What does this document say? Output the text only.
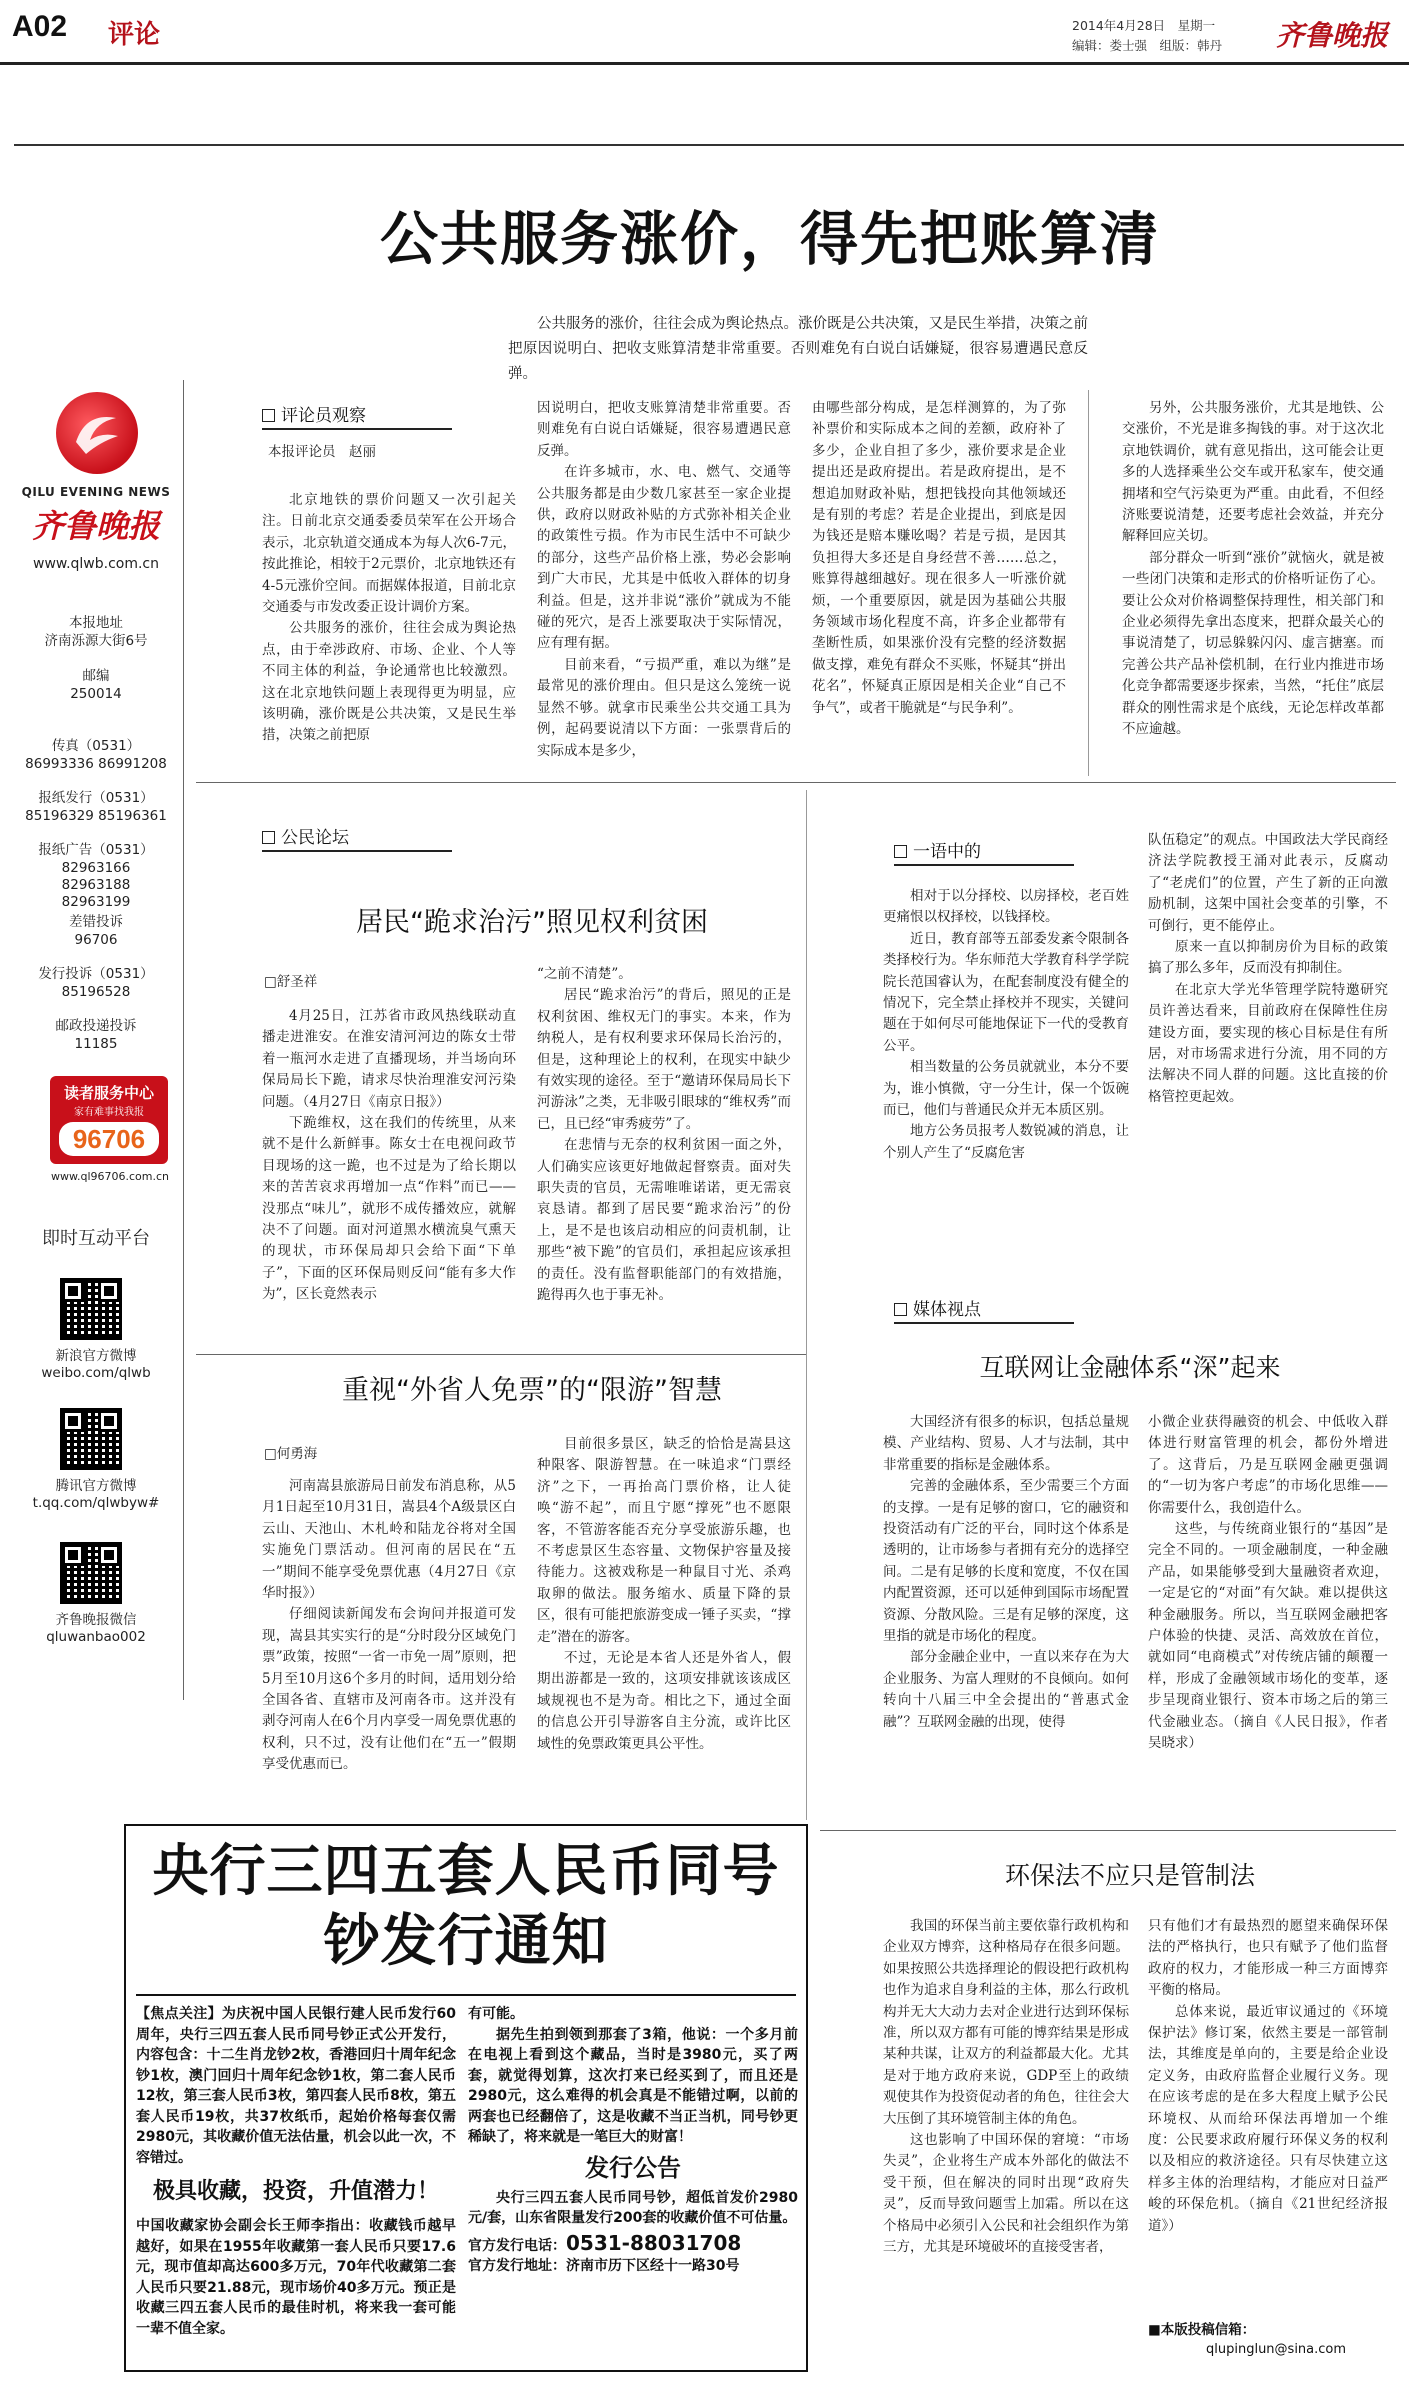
A02 评论	2014年4月28日　星期一
编辑：娄士强　组版：韩丹 齐鲁晚报
公共服务涨价，得先把账算清
公共服务的涨价，往往会成为舆论热点。涨价既是公共决策，又是民生举措，决策之前把原因说明白、把收支账算清楚非常重要。否则难免有白说白话嫌疑，很容易遭遇民意反弹。
QILU EVENING NEWS
齐鲁晚报
www.qlwb.com.cn
本报地址
济南泺源大街6号
邮编
250014
传真（0531）
86993336 86991208
报纸发行（0531）
85196329 85196361
报纸广告（0531）
82963166 82963188 82963199
差错投诉
96706
发行投诉（0531）
85196528
邮政投递投诉
11185
读者服务中心
家有难事找我报
96706
www.ql96706.com.cn
即时互动平台
新浪官方微博
weibo.com/qlwb
腾讯官方微博
t.qq.com/qlwbyw#
齐鲁晚报微信
qluwanbao002
评论员观察
本报评论员　赵丽

北京地铁的票价问题又一次引起关注。日前北京交通委委员荣军在公开场合表示，北京轨道交通成本为每人次6-7元，按此推论，相较于2元票价，北京地铁还有4-5元涨价空间。而据媒体报道，目前北京交通委与市发改委正设计调价方案。

公共服务的涨价，往往会成为舆论热点，由于牵涉政府、市场、企业、个人等不同主体的利益，争论通常也比较激烈。这在北京地铁问题上表现得更为明显，应该明确，涨价既是公共决策，又是民生举措，决策之前把原

因说明白，把收支账算清楚非常重要。否则难免有白说白话嫌疑，很容易遭遇民意反弹。

在许多城市，水、电、燃气、交通等公共服务都是由少数几家甚至一家企业提供，政府以财政补贴的方式弥补相关企业的政策性亏损。作为市民生活中不可缺少的部分，这些产品价格上涨，势必会影响到广大市民，尤其是中低收入群体的切身利益。但是，这并非说“涨价”就成为不能碰的死穴，是否上涨要取决于实际情况，应有理有据。

目前来看，“亏损严重，难以为继”是最常见的涨价理由。但只是这么笼统一说显然不够。就拿市民乘坐公共交通工具为例，起码要说清以下方面：一张票背后的实际成本是多少，

由哪些部分构成，是怎样测算的，为了弥补票价和实际成本之间的差额，政府补了多少，企业自担了多少，涨价要求是企业提出还是政府提出。若是政府提出，是不想追加财政补贴，想把钱投向其他领域还是有别的考虑？若是企业提出，到底是因为钱还是赔本赚吆喝？若是亏损，是因其负担得大多还是自身经营不善……总之，账算得越细越好。现在很多人一听涨价就烦，一个重要原因，就是因为基础公共服务领域市场化程度不高，许多企业都带有垄断性质，如果涨价没有完整的经济数据做支撑，难免有群众不买账，怀疑其“拼出花名”，怀疑真正原因是相关企业“自己不争气”，或者干脆就是“与民争利”。

另外，公共服务涨价，尤其是地铁、公交涨价，不光是谁多掏钱的事。对于这次北京地铁调价，就有意见指出，这可能会让更多的人选择乘坐公交车或开私家车，使交通拥堵和空气污染更为严重。由此看，不但经济账要说清楚，还要考虑社会效益，并充分解释回应关切。

部分群众一听到“涨价”就恼火，就是被一些闭门决策和走形式的价格听证伤了心。要让公众对价格调整保持理性，相关部门和企业必须得先拿出态度来，把群众最关心的事说清楚了，切忌躲躲闪闪、虚言搪塞。而完善公共产品补偿机制，在行业内推进市场化竞争都需要逐步探索，当然，“托住”底层群众的刚性需求是个底线，无论怎样改革都不应逾越。

公民论坛
居民“跪求治污”照见权利贫困
□舒圣祥

4月25日，江苏省市政风热线联动直播走进淮安。在淮安清河河边的陈女士带着一瓶河水走进了直播现场，并当场向环保局局长下跪，请求尽快治理淮安河污染问题。（4月27日《南京日报》）

下跪维权，这在我们的传统里，从来就不是什么新鲜事。陈女士在电视问政节目现场的这一跪，也不过是为了给长期以来的苦苦哀求再增加一点“作料”而已——没那点“味儿”，就形不成传播效应，就解决不了问题。面对河道黑水横流臭气熏天的现状，市环保局却只会给下面“下单子”，下面的区环保局则反问“能有多大作为”，区长竟然表示

“之前不清楚”。

居民“跪求治污”的背后，照见的正是权利贫困、维权无门的事实。本来，作为纳税人，是有权利要求环保局长治污的，但是，这种理论上的权利，在现实中缺少有效实现的途径。至于“邀请环保局局长下河游泳”之类，无非吸引眼球的“维权秀”而已，且已经“审秀疲劳”了。

在悲情与无奈的权利贫困一面之外，人们确实应该更好地做起督察责。面对失职失责的官员，无需唯唯诺诺，更无需哀哀恳请。都到了居民要“跪求治污”的份上，是不是也该启动相应的问责机制，让那些“被下跪”的官员们，承担起应该承担的责任。没有监督职能部门的有效措施，跪得再久也于事无补。

一语中的

相对于以分择校、以房择校，老百姓更痛恨以权择校，以钱择校。

近日，教育部等五部委发紊令限制各类择校行为。华东师范大学教育科学学院院长范国睿认为，在配套制度没有健全的情况下，完全禁止择校并不现实，关键问题在于如何尽可能地保证下一代的受教育公平。

相当数量的公务员就就业，本分不要为，谁小慎微，守一分生计，保一个饭碗而已，他们与普通民众并无本质区别。

地方公务员报考人数锐减的消息，让个别人产生了“反腐危害

队伍稳定”的观点。中国政法大学民商经济法学院教授王涌对此表示，反腐动了“老虎们”的位置，产生了新的正向激励机制，这架中国社会变革的引擎，不可倒行，更不能停止。

原来一直以抑制房价为目标的政策搞了那么多年，反而没有抑制住。

在北京大学光华管理学院特邀研究员许善达看来，目前政府在保障性住房建设方面，要实现的核心目标是住有所居，对市场需求进行分流，用不同的方法解决不同人群的问题。这比直接的价格管控更起效。

重视“外省人免票”的“限游”智慧
□何勇海

河南嵩县旅游局日前发布消息称，从5月1日起至10月31日，嵩县4个A级景区白云山、天池山、木札岭和陆龙谷将对全国实施免门票活动。但河南的居民在“五一”期间不能享受免票优惠（4月27日《京华时报》）

仔细阅读新闻发布会询问并报道可发现，嵩县其实实行的是“分时段分区域免门票”政策，按照“一省一市免一周”原则，把5月至10月这6个多月的时间，适用划分给全国各省、直辖市及河南各市。这并没有剥夺河南人在6个月内享受一周免票优惠的权利，只不过，没有让他们在“五一”假期享受优惠而已。

目前很多景区，缺乏的恰恰是嵩县这种限客、限游智慧。在一味追求“门票经济”之下，一再抬高门票价格，让人徒唤“游不起”，而且宁愿“撑死”也不愿限客，不管游客能否充分享受旅游乐趣，也不考虑景区生态容量、文物保护容量及接待能力。这被戏称是一种鼠目寸光、杀鸡取卵的做法。服务缩水、质量下降的景区，很有可能把旅游变成一锤子买卖，“撑走”潜在的游客。

不过，无论是本省人还是外省人，假期出游都是一致的，这项安排就该该成区域规视也不是为奇。相比之下，通过全面的信息公开引导游客自主分流，或许比区域性的免票政策更具公平性。

媒体视点
互联网让金融体系“深”起来

大国经济有很多的标识，包括总量规模、产业结构、贸易、人才与法制，其中非常重要的指标是金融体系。

完善的金融体系，至少需要三个方面的支撑。一是有足够的窗口，它的融资和投资活动有广泛的平台，同时这个体系是透明的，让市场参与者拥有充分的选择空间。二是有足够的长度和宽度，不仅在国内配置资源，还可以延伸到国际市场配置资源、分散风险。三是有足够的深度，这里指的就是市场化的程度。

部分金融企业中，一直以来存在为大企业服务、为富人理财的不良倾向。如何转向十八届三中全会提出的“普惠式金融”？互联网金融的出现，使得

小微企业获得融资的机会、中低收入群体进行财富管理的机会，都份外增进了。这背后，乃是互联网金融更强调的“一切为客户考虑”的市场化思维——你需要什么，我创造什么。

这些，与传统商业银行的“基因”是完全不同的。一项金融制度，一种金融产品，如果能够受到大量融资者欢迎，一定是它的“对面”有欠缺。难以提供这种金融服务。所以，当互联网金融把客户体验的快捷、灵活、高效放在首位，就如同“电商模式”对传统店铺的颠覆一样，形成了金融领域市场化的变革，逐步呈现商业银行、资本市场之后的第三代金融业态。（摘自《人民日报》，作者吴晓求）

环保法不应只是管制法

我国的环保当前主要依靠行政机构和企业双方博弈，这种格局存在很多问题。如果按照公共选择理论的假设把行政机构也作为追求自身利益的主体，那么行政机构并无大大动力去对企业进行达到环保标准，所以双方都有可能的博弈结果是形成某种共谋，让双方的利益都最大化。尤其是对于地方政府来说，GDP至上的政绩观使其作为投资促动者的角色，往往会大大压倒了其环境管制主体的角色。

这也影响了中国环保的窘境：“市场失灵”，企业将生产成本外部化的做法不受干预，但在解决的同时出现“政府失灵”，反而导致问题雪上加霜。所以在这个格局中必须引入公民和社会组织作为第三方，尤其是环境破坏的直接受害者，

只有他们才有最热烈的愿望来确保环保法的严格执行，也只有赋予了他们监督政府的权力，才能形成一种三方面博弈平衡的格局。

总体来说，最近审议通过的《环境保护法》修订案，依然主要是一部管制法，其维度是单向的，主要是给企业设定义务，由政府监督企业履行义务。现在应该考虑的是在多大程度上赋予公民环境权、从而给环保法再增加一个维度：公民要求政府履行环保义务的权利以及相应的救济途径。只有尽快建立这样多主体的治理结构，才能应对日益严峻的环保危机。（摘自《21世纪经济报道》）

■本版投稿信箱：
qlupinglun@sina.com
央行三四五套人民币同号钞发行通知
【焦点关注】为庆祝中国人民银行建人民币发行60周年，央行三四五套人民币同号钞正式公开发行，内容包含：十二生肖龙钞2枚，香港回归十周年纪念钞1枚，澳门回归十周年纪念钞1枚，第二套人民币12枚，第三套人民币3枚，第四套人民币8枚，第五套人民币19枚，共37枚纸币，起始价格每套仅需2980元，其收藏价值无法估量，机会以此一次，不容错过。
极具收藏，投资，升值潜力！
中国收藏家协会副会长王师李指出：收藏钱币越早越好，如果在1955年收藏第一套人民币只要17.6元，现市值却高达600多万元，70年代收藏第二套人民币只要21.88元，现市场价40多万元。预正是收藏三四五套人民币的最佳时机，将来我一套可能一辈不值全家。
有可能。
据先生拍到领到那套了3箱，他说：一个多月前在电视上看到这个藏品，当时是3980元，买了两套，就觉得划算，这次打来已经买到了，而且还是2980元，这么难得的机会真是不能错过啊，以前的两套也已经翻倍了，这是收藏不当正当机，同号钞更稀缺了，将来就是一笔巨大的财富！
发行公告
央行三四五套人民币同号钞，超低首发价2980元/套，山东省限量发行200套的收藏价值不可估量。
官方发行电话：0531-88031708
官方发行地址：济南市历下区经十一路30号
